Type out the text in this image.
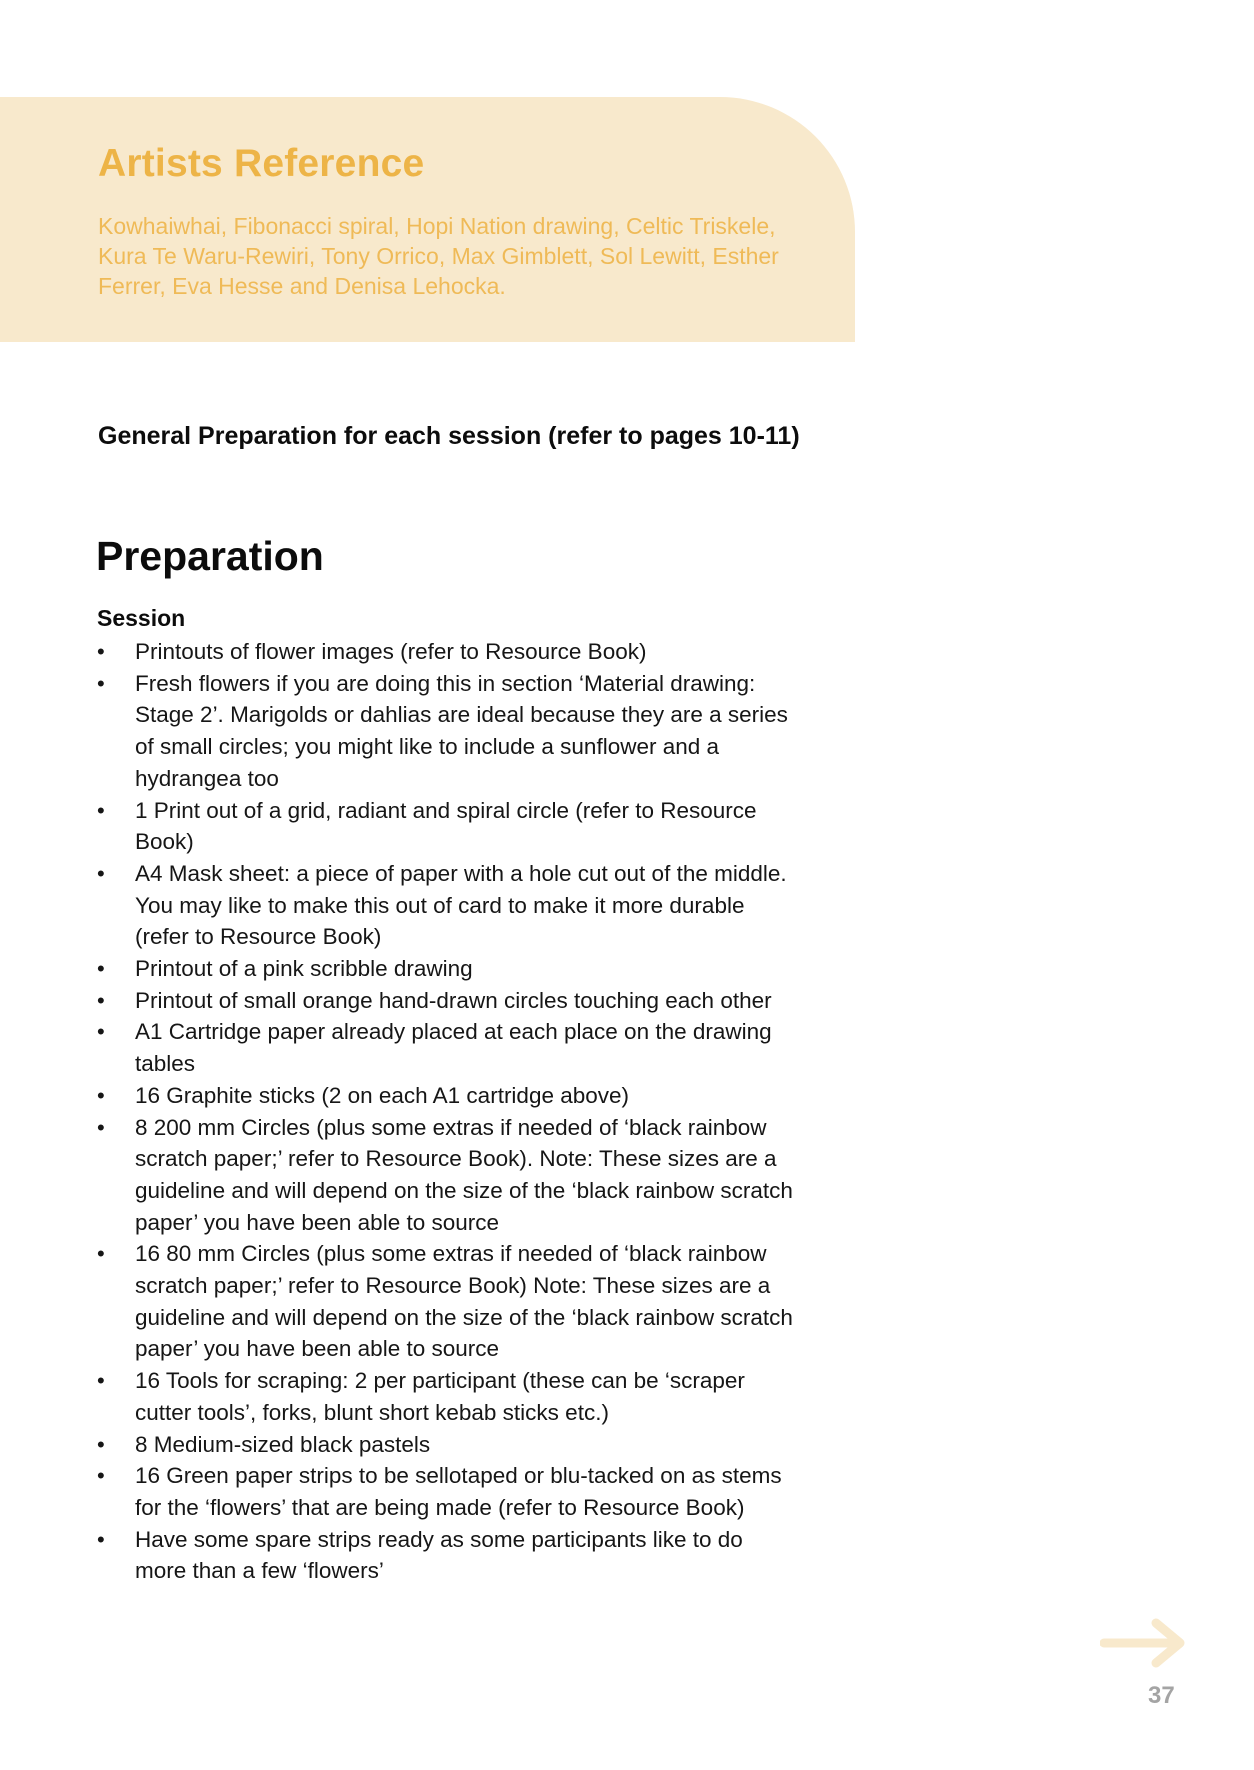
Artists Reference

Kowhaiwhai, Fibonacci spiral, Hopi Nation drawing, Celtic Triskele, Kura Te Waru-Rewiri, Tony Orrico, Max Gimblett, Sol Lewitt, Esther Ferrer, Eva Hesse and Denisa Lehocka.

General Preparation for each session (refer to pages 10-11)

Preparation

Session

• Printouts of flower images (refer to Resource Book)
• Fresh flowers if you are doing this in section ‘Material drawing: Stage 2’. Marigolds or dahlias are ideal because they are a series of small circles; you might like to include a sunflower and a hydrangea too
• 1 Print out of a grid, radiant and spiral circle (refer to Resource Book)
• A4 Mask sheet: a piece of paper with a hole cut out of the middle. You may like to make this out of card to make it more durable (refer to Resource Book)
• Printout of a pink scribble drawing
• Printout of small orange hand-drawn circles touching each other
• A1 Cartridge paper already placed at each place on the drawing tables
• 16 Graphite sticks (2 on each A1 cartridge above)
• 8 200 mm Circles (plus some extras if needed of ‘black rainbow scratch paper;’ refer to Resource Book). Note: These sizes are a guideline and will depend on the size of the ‘black rainbow scratch paper’ you have been able to source
• 16 80 mm Circles (plus some extras if needed of ‘black rainbow scratch paper;’ refer to Resource Book) Note: These sizes are a guideline and will depend on the size of the ‘black rainbow scratch paper’ you have been able to source
• 16 Tools for scraping: 2 per participant (these can be ‘scraper cutter tools’, forks, blunt short kebab sticks etc.)
• 8 Medium-sized black pastels
• 16 Green paper strips to be sellotaped or blu-tacked on as stems for the ‘flowers’ that are being made (refer to Resource Book)
• Have some spare strips ready as some participants like to do more than a few ‘flowers’

37
